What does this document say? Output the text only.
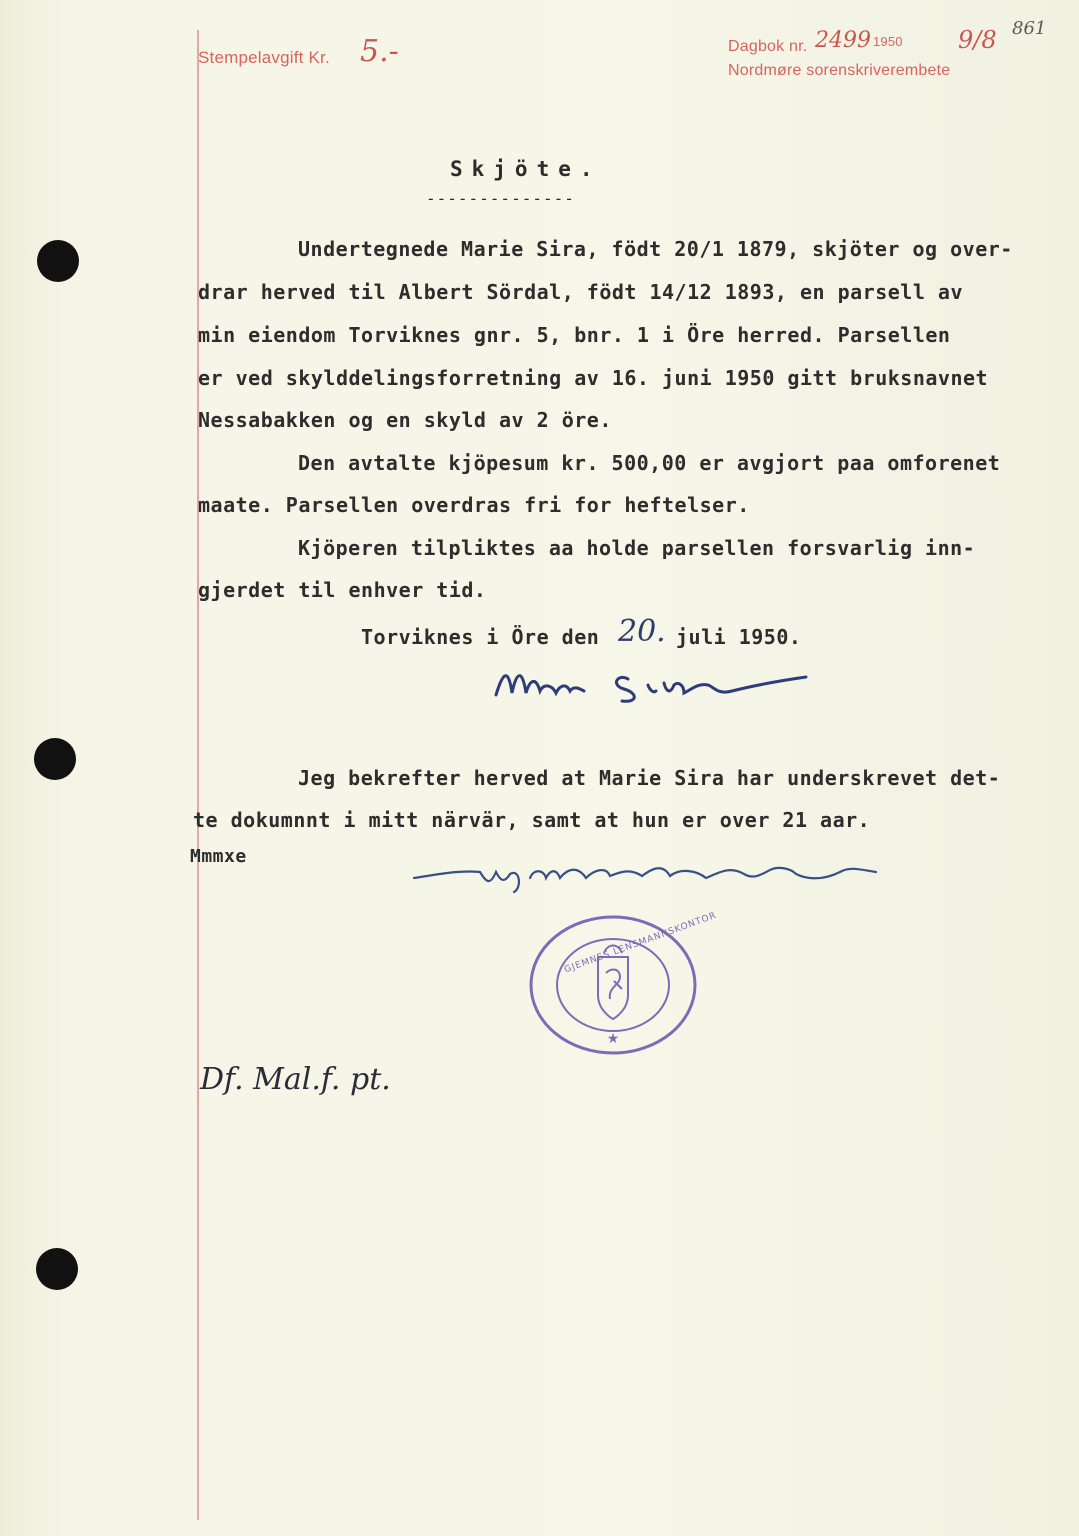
Stempelavgift Kr. 5.-	Dagbok nr. 2499 1950 9/8 861
Nordmøre sorenskriverembete
Skjöte.
--------------
Undertegnede Marie Sira, födt 20/1 1879, skjöter og over-
drar herved til Albert Sördal, födt 14/12 1893, en parsell av
min eiendom Torviknes gnr. 5, bnr. 1 i Öre herred. Parsellen
er ved skylddelingsforretning av 16. juni 1950 gitt bruksnavnet
Nessabakken og en skyld av 2 öre.
Den avtalte kjöpesum kr. 500,00 er avgjort paa omforenet
maate. Parsellen overdras fri for heftelser.
Kjöperen tilpliktes aa holde parsellen forsvarlig inn-
gjerdet til enhver tid.
Torviknes i Öre den 20. juli 1950.
Jeg bekrefter herved at Marie Sira har underskrevet det-
te dokumnnt i mitt närvär, samt at hun er over 21 aar.
Mmmxe
★
GJEMNES LENSMANNSKONTOR
Df. Mal.f. pt.
